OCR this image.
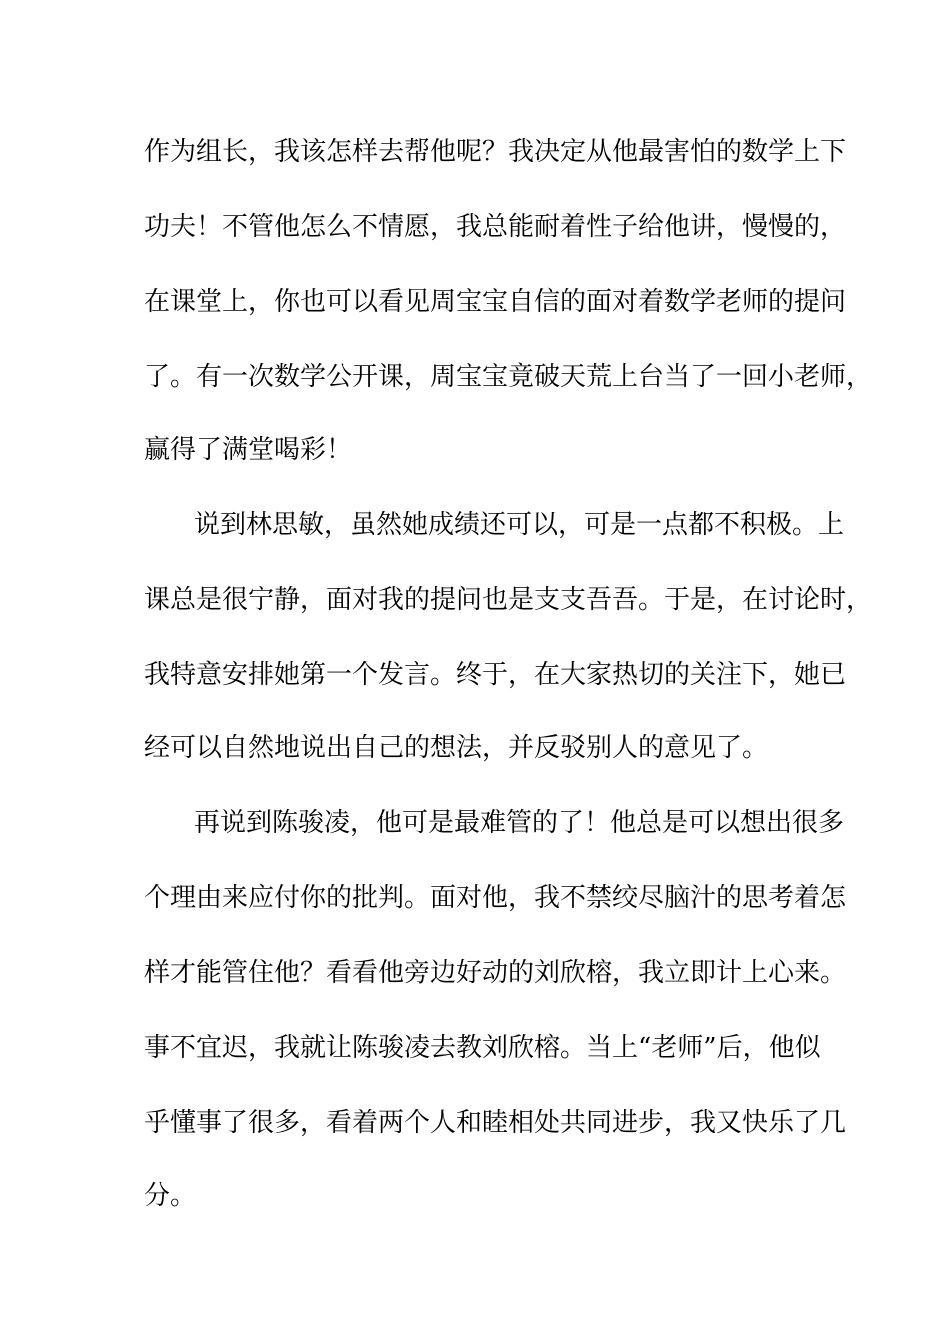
作为组长，我该怎样去帮他呢？我决定从他最害怕的数学上下
功夫！不管他怎么不情愿，我总能耐着性子给他讲，慢慢的，
在课堂上，你也可以看见周宝宝自信的面对着数学老师的提问
了。有一次数学公开课，周宝宝竟破天荒上台当了一回小老师，
赢得了满堂喝彩！
说到林思敏，虽然她成绩还可以，可是一点都不积极。上
课总是很宁静，面对我的提问也是支支吾吾。于是，在讨论时，
我特意安排她第一个发言。终于，在大家热切的关注下，她已
经可以自然地说出自己的想法，并反驳别人的意见了。
再说到陈骏凌，他可是最难管的了！他总是可以想出很多
个理由来应付你的批判。面对他，我不禁绞尽脑汁的思考着怎
样才能管住他？看看他旁边好动的刘欣榕，我立即计上心来。
事不宜迟，我就让陈骏凌去教刘欣榕。当上“老师”后，他似
乎懂事了很多，看着两个人和睦相处共同进步，我又快乐了几
分。
